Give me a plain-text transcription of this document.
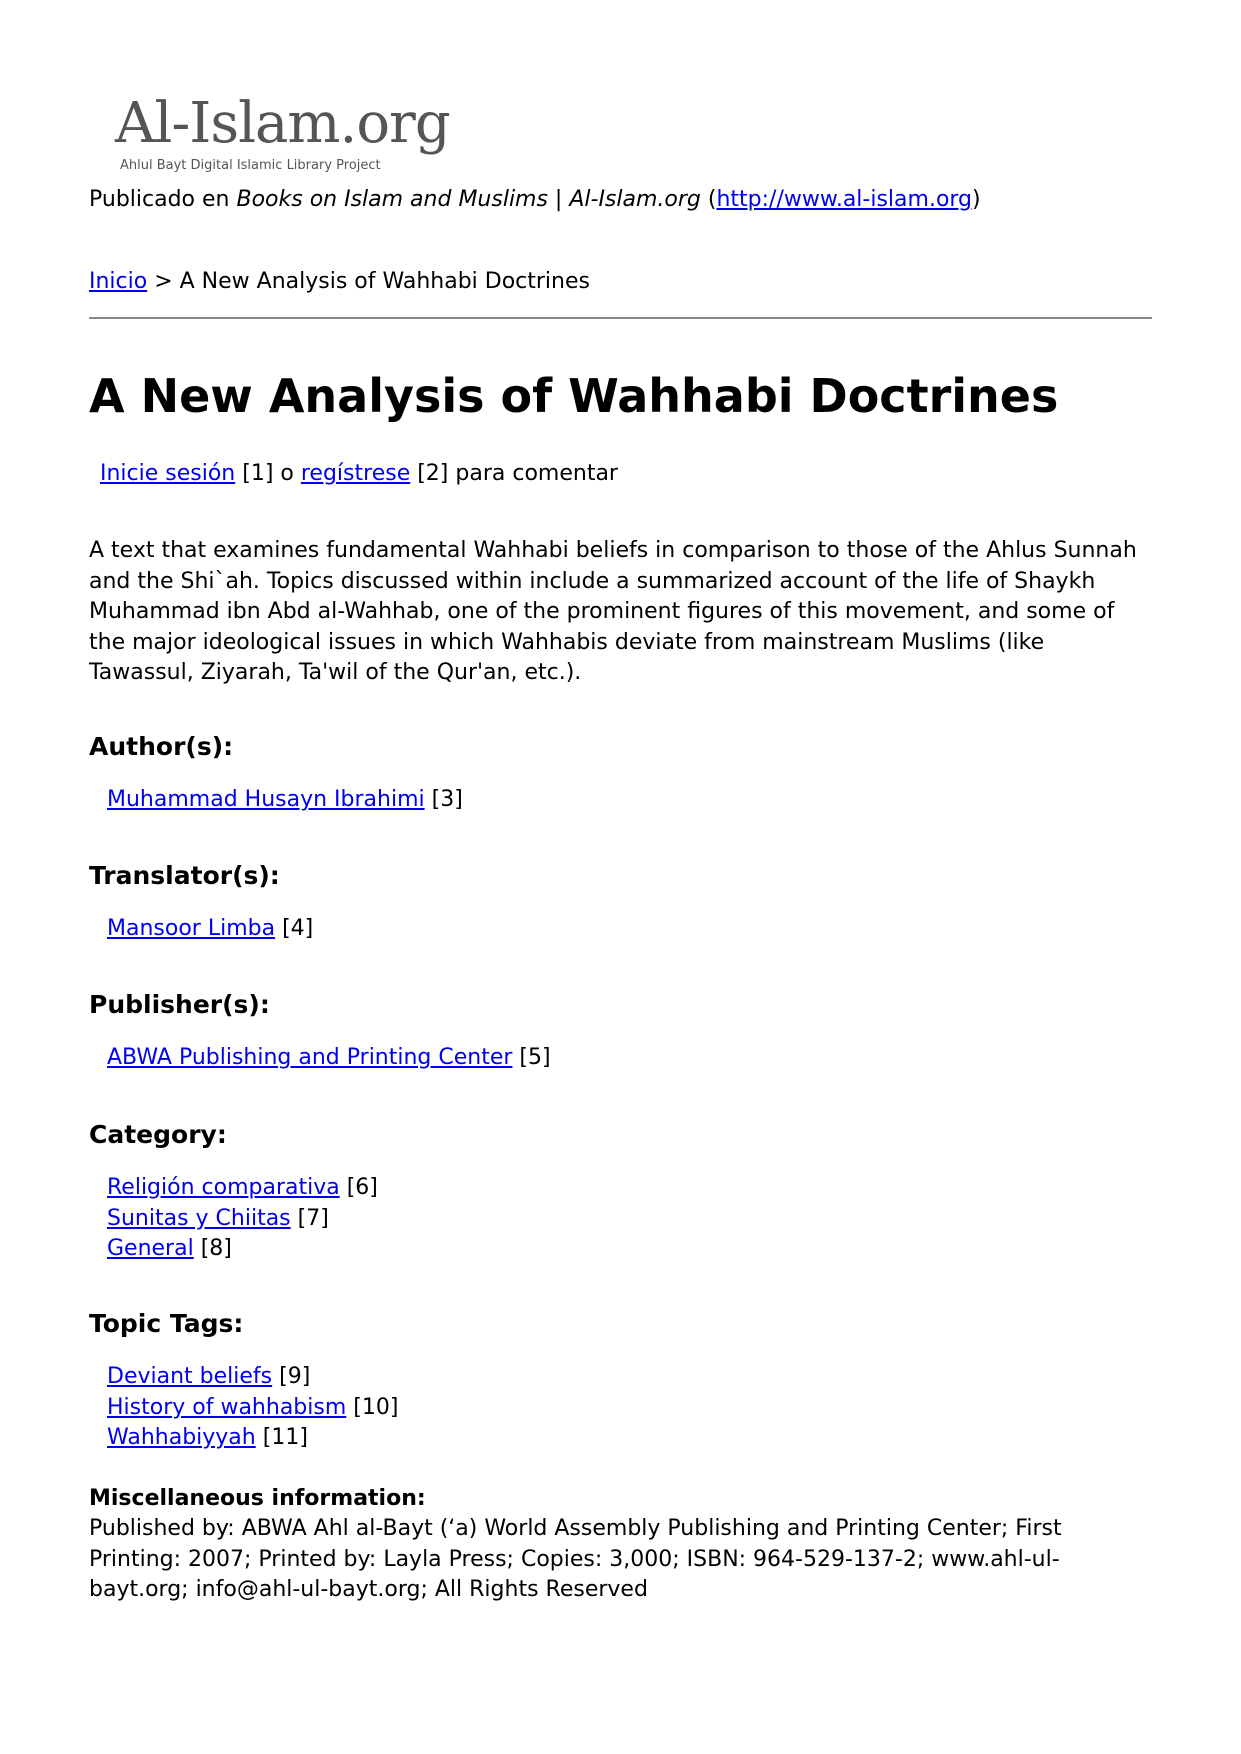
Al-Islam.org
Ahlul Bayt Digital Islamic Library Project
Publicado en Books on Islam and Muslims | Al-Islam.org (http://www.al-islam.org)
Inicio > A New Analysis of Wahhabi Doctrines
A New Analysis of Wahhabi Doctrines
Inicie sesión [1] o regístrese [2] para comentar

A text that examines fundamental Wahhabi beliefs in comparison to those of the Ahlus Sunnah and the Shi`ah. Topics discussed within include a summarized account of the life of Shaykh Muhammad ibn Abd al-Wahhab, one of the prominent figures of this movement, and some of the major ideological issues in which Wahhabis deviate from mainstream Muslims (like Tawassul, Ziyarah, Ta'wil of the Qur'an, etc.).

Author(s):
Muhammad Husayn Ibrahimi [3]
Translator(s):
Mansoor Limba [4]
Publisher(s):
ABWA Publishing and Printing Center [5]
Category:
Religión comparativa [6]
Sunitas y Chiitas [7]
General [8]
Topic Tags:
Deviant beliefs [9]
History of wahhabism [10]
Wahhabiyyah [11]
Miscellaneous information:

Published by: ABWA Ahl al-Bayt (‘a) World Assembly Publishing and Printing Center; First Printing: 2007; Printed by: Layla Press; Copies: 3,000; ISBN: 964-529-137-2; www.ahl-ul-bayt.org; info@ahl-ul-bayt.org; All Rights Reserved
